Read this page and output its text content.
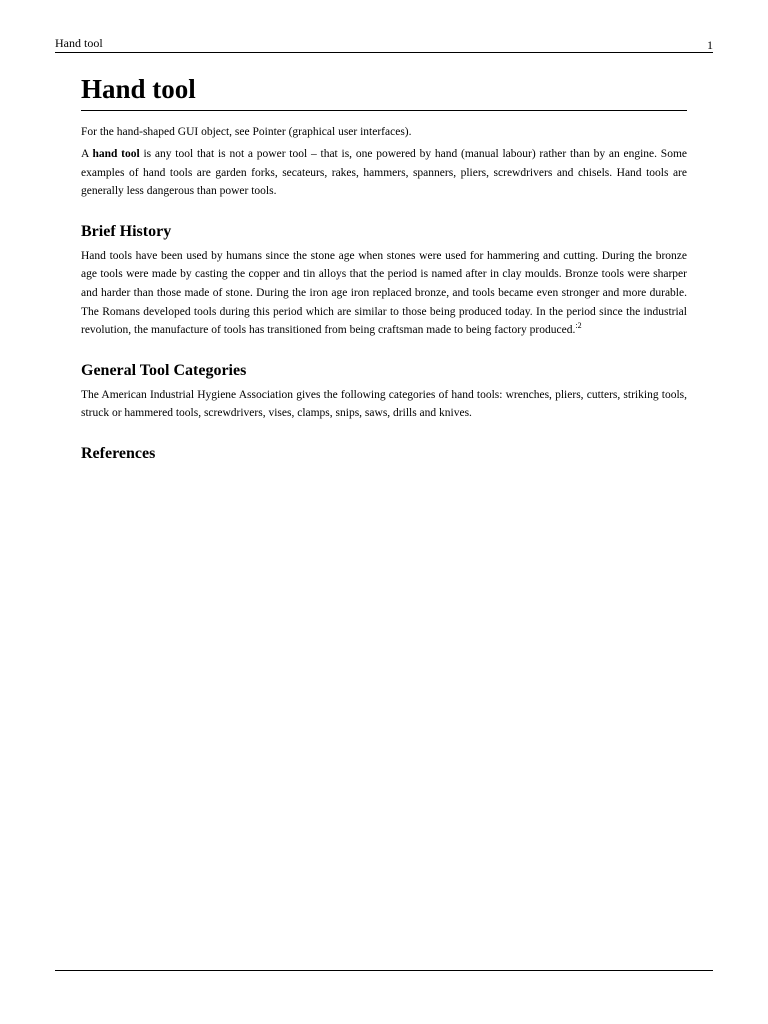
Hand tool	1
Hand tool
For the hand-shaped GUI object, see Pointer (graphical user interfaces).

A hand tool is any tool that is not a power tool – that is, one powered by hand (manual labour) rather than by an engine. Some examples of hand tools are garden forks, secateurs, rakes, hammers, spanners, pliers, screwdrivers and chisels. Hand tools are generally less dangerous than power tools.

Brief History

Hand tools have been used by humans since the stone age when stones were used for hammering and cutting. During the bronze age tools were made by casting the copper and tin alloys that the period is named after in clay moulds. Bronze tools were sharper and harder than those made of stone. During the iron age iron replaced bronze, and tools became even stronger and more durable. The Romans developed tools during this period which are similar to those being produced today. In the period since the industrial revolution, the manufacture of tools has transitioned from being craftsman made to being factory produced.$^{:2}$

General Tool Categories

The American Industrial Hygiene Association gives the following categories of hand tools: wrenches, pliers, cutters, striking tools, struck or hammered tools, screwdrivers, vises, clamps, snips, saws, drills and knives.

References
